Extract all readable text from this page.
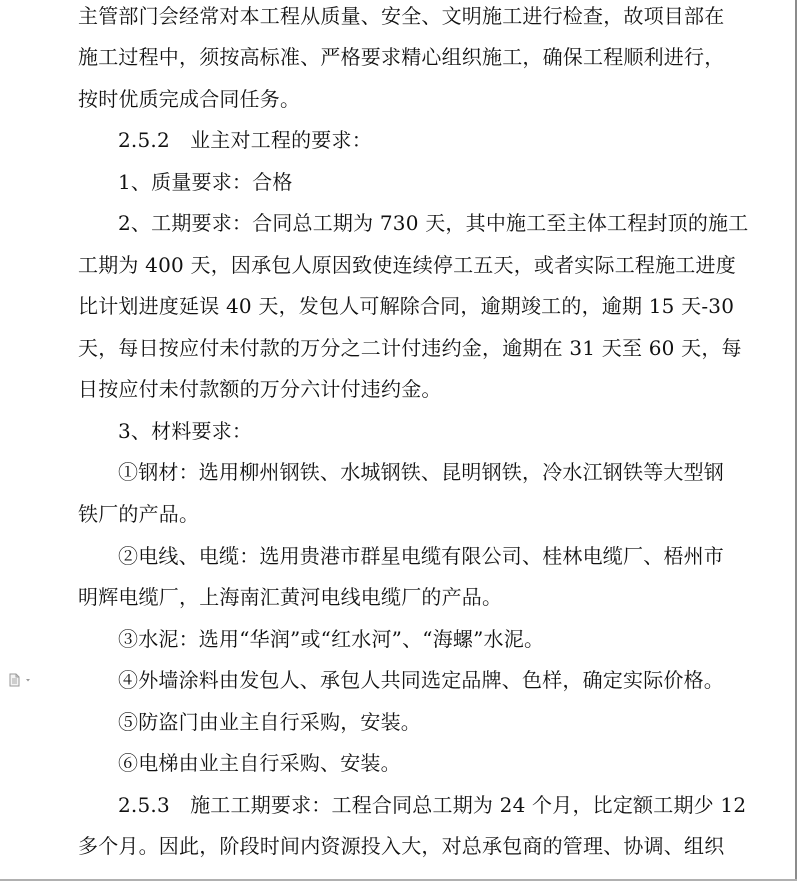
主管部门会经常对本工程从质量、安全、文明施工进行检查，故项目部在
施工过程中，须按高标准、严格要求精心组织施工，确保工程顺利进行，
按时优质完成合同任务。
2.5.2　业主对工程的要求：
1、质量要求：合格
2、工期要求：合同总工期为 730 天，其中施工至主体工程封顶的施工
工期为 400 天，因承包人原因致使连续停工五天，或者实际工程施工进度
比计划进度延误 40 天，发包人可解除合同，逾期竣工的，逾期 15 天-30
天，每日按应付未付款的万分之二计付违约金，逾期在 31 天至 60 天，每
日按应付未付款额的万分六计付违约金。
3、材料要求：
①钢材：选用柳州钢铁、水城钢铁、昆明钢铁，冷水江钢铁等大型钢
铁厂的产品。
②电线、电缆：选用贵港市群星电缆有限公司、桂林电缆厂、梧州市
明辉电缆厂，上海南汇黄河电线电缆厂的产品。
③水泥：选用“华润”或“红水河”、“海螺”水泥。
④外墙涂料由发包人、承包人共同选定品牌、色样，确定实际价格。
⑤防盗门由业主自行采购，安装。
⑥电梯由业主自行采购、安装。
2.5.3　施工工期要求：工程合同总工期为 24 个月，比定额工期少 12
多个月。因此，阶段时间内资源投入大，对总承包商的管理、协调、组织
